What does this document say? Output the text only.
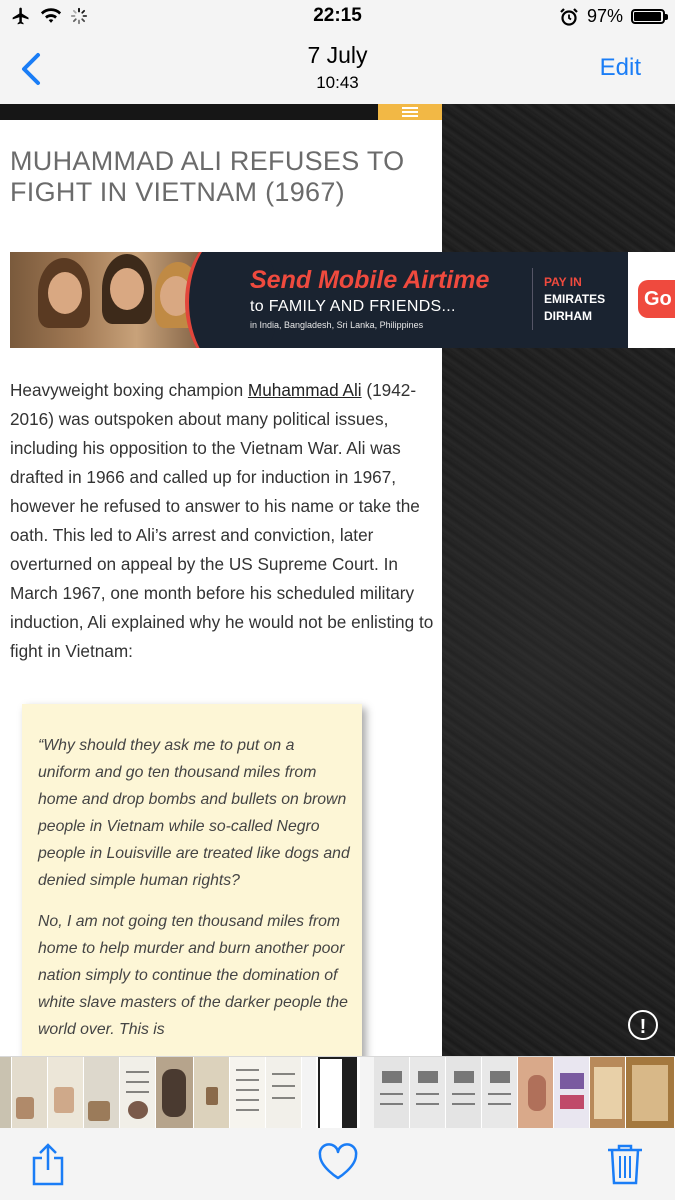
22:15	97%
7 July
10:43
Edit
MUHAMMAD ALI REFUSES TO FIGHT IN VIETNAM (1967)
Heavyweight boxing champion Muhammad Ali (1942-2016) was outspoken about many political issues, including his opposition to the Vietnam War. Ali was drafted in 1966 and called up for induction in 1967, however he refused to answer to his name or take the oath. This led to Ali’s arrest and conviction, later overturned on appeal by the US Supreme Court. In March 1967, one month before his scheduled military induction, Ali explained why he would not be enlisting to fight in Vietnam:

“Why should they ask me to put on a uniform and go ten thousand miles from home and drop bombs and bullets on brown people in Vietnam while so-called Negro people in Louisville are treated like dogs and denied simple human rights?

No, I am not going ten thousand miles from home to help murder and burn another poor nation simply to continue the domination of white slave masters of the darker people the world over. This is

Send Mobile Airtime
to FAMILY AND FRIENDS...
in India, Bangladesh, Sri Lanka, Philippines
PAY IN
EMIRATES
DIRHAM
Go
!
